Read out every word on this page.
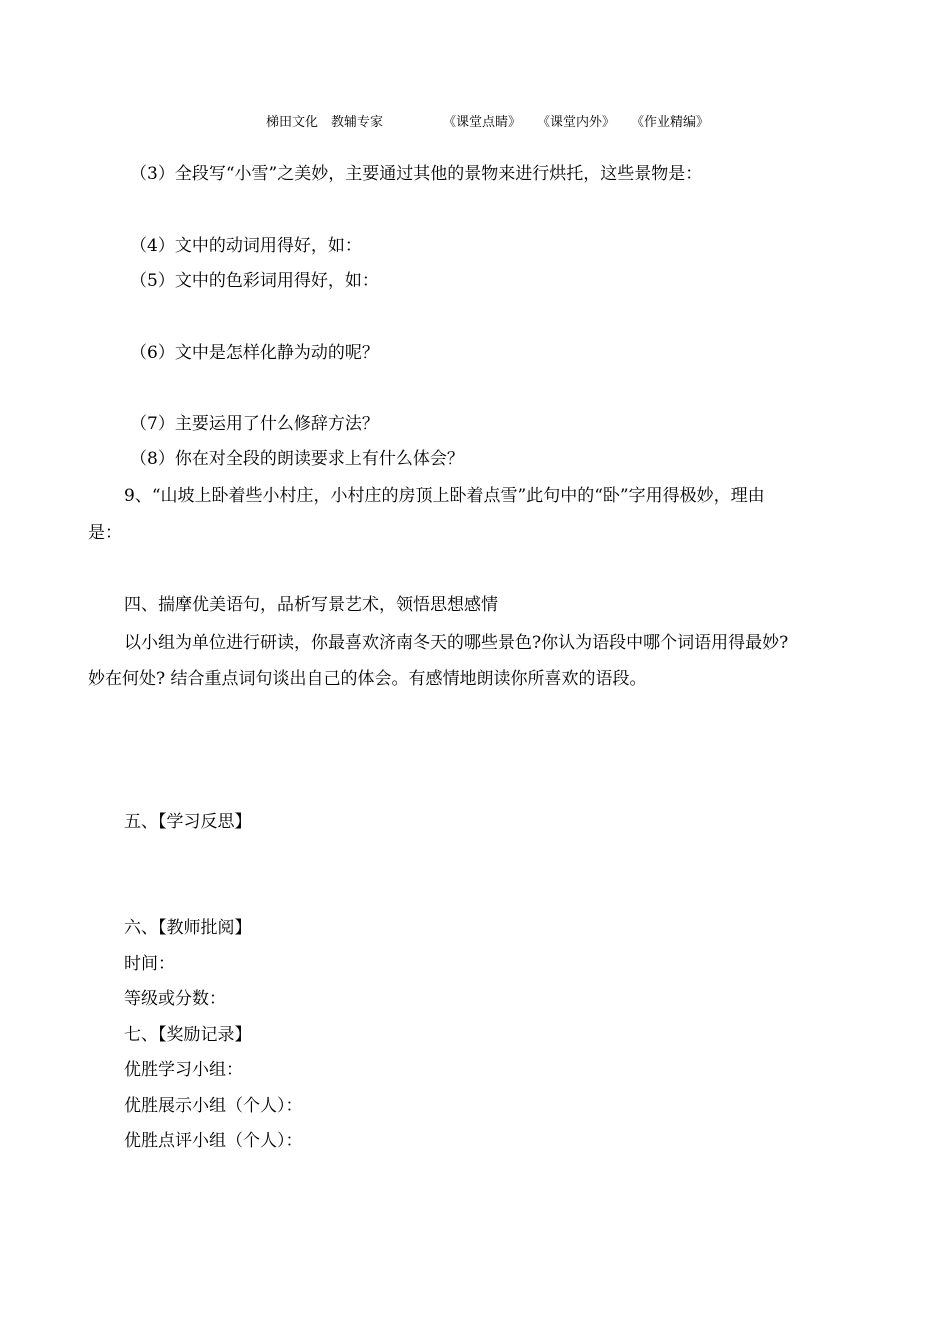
梯田文化　教辅专家

	《课堂点睛》

《课堂内外》

《作业精编》

（3）全段写“小雪”之美妙，主要通过其他的景物来进行烘托，这些景物是：
（4）文中的动词用得好，如：
（5）文中的色彩词用得好，如：
（6）文中是怎样化静为动的呢？
（7）主要运用了什么修辞方法？
（8）你在对全段的朗读要求上有什么体会？
9、“山坡上卧着些小村庄，小村庄的房顶上卧着点雪”此句中的“卧”字用得极妙，理由
是：
四、揣摩优美语句，品析写景艺术，领悟思想感情
以小组为单位进行研读，你最喜欢济南冬天的哪些景色?你认为语段中哪个词语用得最妙?
妙在何处? 结合重点词句谈出自己的体会。有感情地朗读你所喜欢的语段。
五、【学习反思】
六、【教师批阅】
时间：
等级或分数：
七、【奖励记录】
优胜学习小组：
优胜展示小组（个人）：
优胜点评小组（个人）：
